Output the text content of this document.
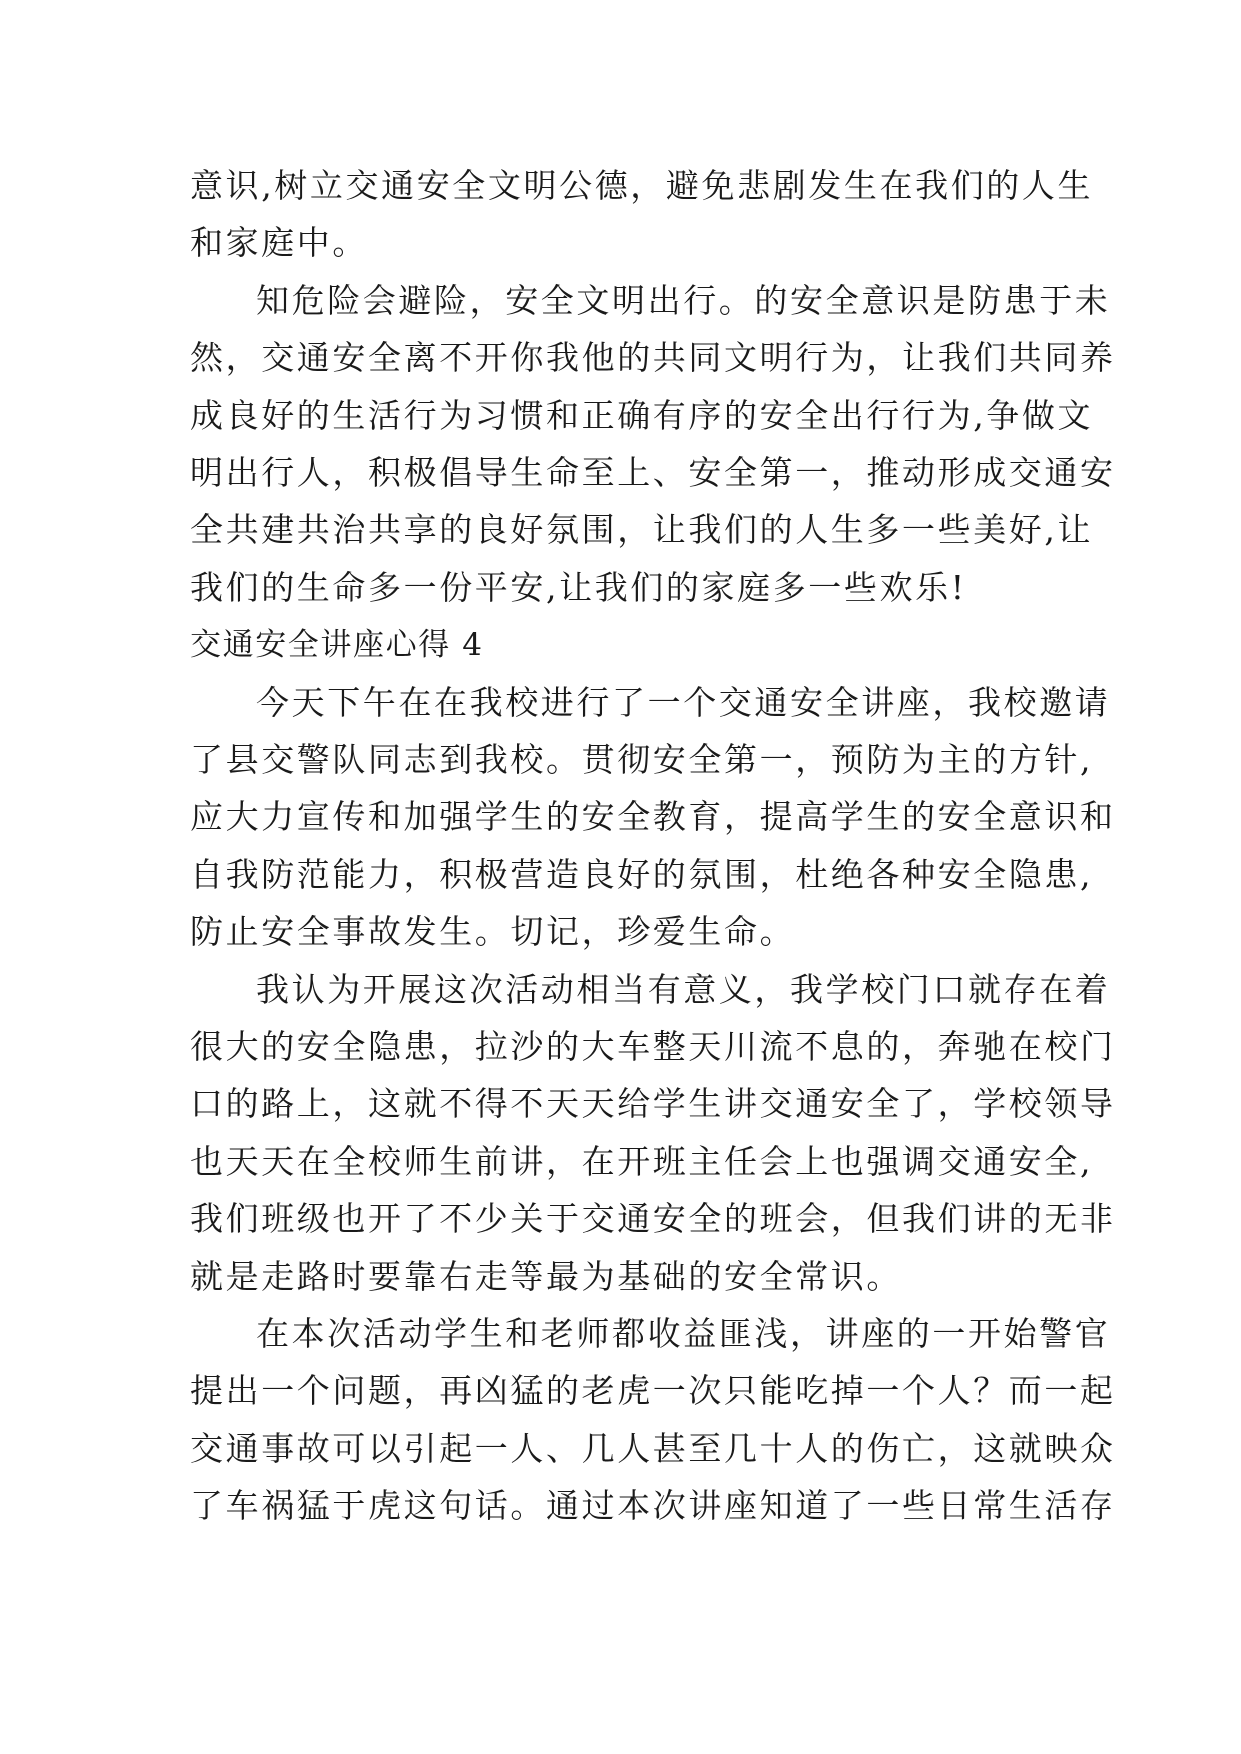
意识,树立交通安全文明公德，避免悲剧发生在我们的人生
和家庭中。
知危险会避险，安全文明出行。的安全意识是防患于未
然，交通安全离不开你我他的共同文明行为，让我们共同养
成良好的生活行为习惯和正确有序的安全出行行为,争做文
明出行人，积极倡导生命至上、安全第一，推动形成交通安
全共建共治共享的良好氛围，让我们的人生多一些美好,让
我们的生命多一份平安,让我们的家庭多一些欢乐!
交通安全讲座心得 4
今天下午在在我校进行了一个交通安全讲座，我校邀请
了县交警队同志到我校。贯彻安全第一，预防为主的方针,
应大力宣传和加强学生的安全教育，提高学生的安全意识和
自我防范能力，积极营造良好的氛围，杜绝各种安全隐患,
防止安全事故发生。切记，珍爱生命。
我认为开展这次活动相当有意义，我学校门口就存在着
很大的安全隐患，拉沙的大车整天川流不息的，奔驰在校门
口的路上，这就不得不天天给学生讲交通安全了，学校领导
也天天在全校师生前讲，在开班主任会上也强调交通安全,
我们班级也开了不少关于交通安全的班会，但我们讲的无非
就是走路时要靠右走等最为基础的安全常识。
在本次活动学生和老师都收益匪浅，讲座的一开始警官
提出一个问题，再凶猛的老虎一次只能吃掉一个人？而一起
交通事故可以引起一人、几人甚至几十人的伤亡，这就映众
了车祸猛于虎这句话。通过本次讲座知道了一些日常生活存
